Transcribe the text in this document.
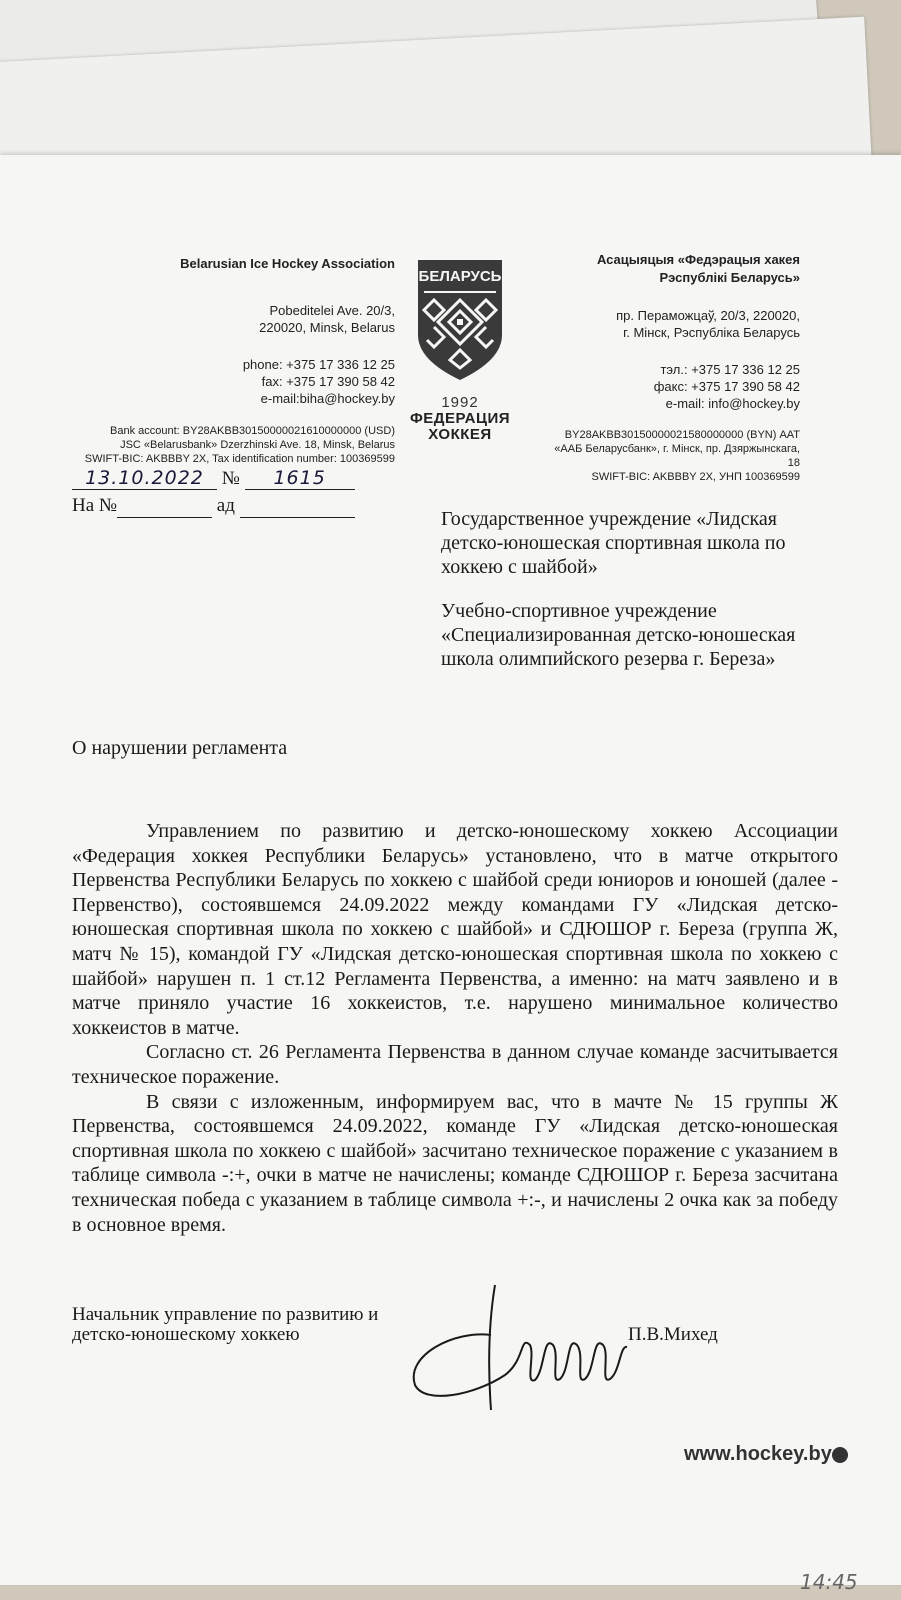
Belarusian Ice Hockey Association
Pobeditelei Ave. 20/3,
220020, Minsk, Belarus
phone: +375 17 336 12 25
fax: +375 17 390 58 42
e-mail:biha@hockey.by
Bank account: BY28AKBB30150000021610000000 (USD)
JSC «Belarusbank» Dzerzhinski Ave. 18, Minsk, Belarus
SWIFT-BIC: AKBBBY 2X, Tax identification number: 100369599
БЕЛАРУСЬ
1992
ФЕДЕРАЦИЯ
ХОККЕЯ
Асацыяцыя «Федэрацыя хакея
Рэспублікі Беларусь»
пр. Пераможцаў, 20/3, 220020,
г. Мінск, Рэспубліка Беларусь
тэл.: +375 17 336 12 25
факс: +375 17 390 58 42
e-mail: info@hockey.by
BY28AKBB30150000021580000000 (BYN) ААТ
«ААБ Беларусбанк», г. Мінск, пр. Дзяржынскага, 18
SWIFT-BIC: AKBBBY 2X, УНП 100369599
13.10.2022 № 1615
На №	ад

Государственное учреждение «Лидская детско-юношеская спортивная школа по хоккею с шайбой»

Учебно-спортивное учреждение «Специализированная детско-юношеская школа олимпийского резерва г. Береза»

О нарушении регламента

Управлением по развитию и детско-юношескому хоккею Ассоциации «Федерация хоккея Республики Беларусь» установлено, что в матче открытого Первенства Республики Беларусь по хоккею с шайбой среди юниоров и юношей (далее - Первенство), состоявшемся 24.09.2022 между командами ГУ «Лидская детско-юношеская спортивная школа по хоккею с шайбой» и СДЮШОР г. Береза (группа Ж, матч № 15), командой ГУ «Лидская детско-юношеская спортивная школа по хоккею с шайбой» нарушен п. 1 ст.12 Регламента Первенства, а именно: на матч заявлено и в матче приняло участие 16 хоккеистов, т.е. нарушено минимальное количество хоккеистов в матче.

Согласно ст. 26 Регламента Первенства в данном случае команде засчитывается техническое поражение.

В связи с изложенным, информируем вас, что в мачте № 15 группы Ж Первенства, состоявшемся 24.09.2022, команде ГУ «Лидская детско-юношеская спортивная школа по хоккею с шайбой» засчитано техническое поражение с указанием в таблице символа -:+, очки в матче не начислены; команде СДЮШОР г. Береза засчитана техническая победа с указанием в таблице символа +:-, и начислены 2 очка как за победу в основное время.

Начальник управление по развитию и
детско-юношескому хоккею	П.В.Михед
www.hockey.by
14:45
